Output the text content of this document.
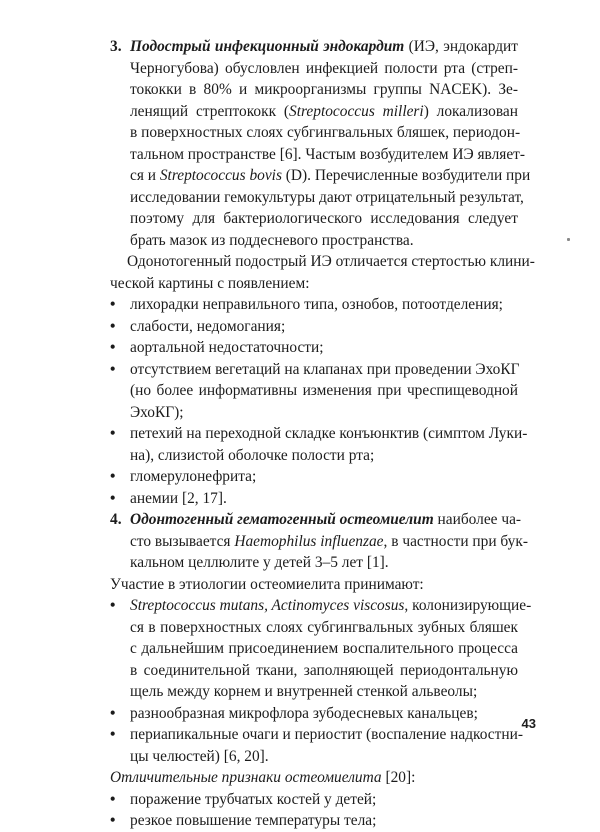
3. Подострый инфекционный эндокардит (ИЭ, эндокардит
Черногубова) обусловлен инфекцией полости рта (стреп-
тококки в 80% и микроорганизмы группы NACEK). Зе-
ленящий стрептококк (Streptococcus milleri) локализован
в поверхностных слоях субгингвальных бляшек, периодон-
тальном пространстве [6]. Частым возбудителем ИЭ являет-
ся и Streptococcus bovis (D). Перечисленные возбудители при
исследовании гемокультуры дают отрицательный результат,
поэтому для бактериологического исследования следует
брать мазок из поддесневого пространства.
Одонотогенный подострый ИЭ отличается стертостью клини-
ческой картины с появлением:
• лихорадки неправильного типа, ознобов, потоотделения;
• слабости, недомогания;
• аортальной недостаточности;
• отсутствием вегетаций на клапанах при проведении ЭхоКГ
(но более информативны изменения при чреспищеводной
ЭхоКГ);
• петехий на переходной складке конъюнктив (симптом Луки-
на), слизистой оболочке полости рта;
• гломерулонефрита;
• анемии [2, 17].
4. Одонтогенный гематогенный остеомиелит наиболее ча-
сто вызывается Haemophilus influenzae, в частности при бук-
кальном целлюлите у детей 3–5 лет [1].
Участие в этиологии остеомиелита принимают:
• Streptococcus mutans, Actinomyces viscosus, колонизирующие-
ся в поверхностных слоях субгингвальных зубных бляшек
с дальнейшим присоединением воспалительного процесса
в соединительной ткани, заполняющей периодонтальную
щель между корнем и внутренней стенкой альвеолы;
• разнообразная микрофлора зубодесневых канальцев;
• периапикальные очаги и периостит (воспаление надкостни-
цы челюстей) [6, 20].
Отличительные признаки остеомиелита [20]:
• поражение трубчатых костей у детей;
• резкое повышение температуры тела;
43
